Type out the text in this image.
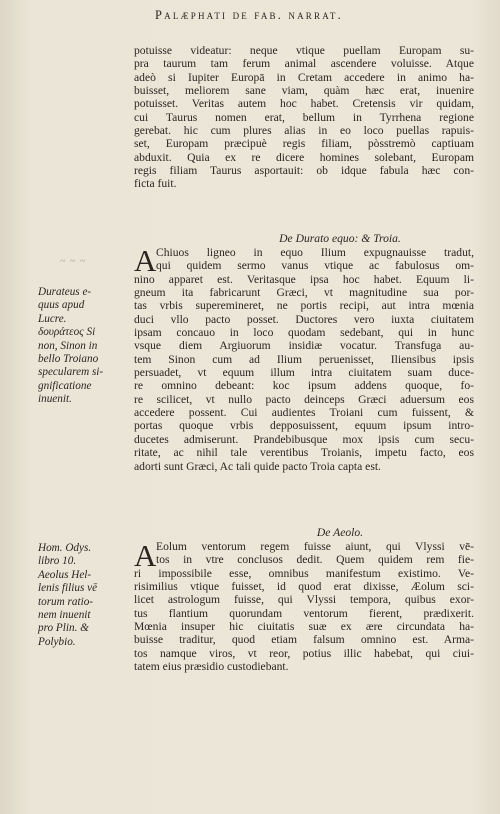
Palæphati de fab. narrat.
potuisse videatur: neque vtique puellam Europam su-
pra taurum tam ferum animal ascendere voluisse. Atque
adeò si Iupiter Europā in Cretam accedere in animo ha-
buisset, meliorem sane viam, quàm hæc erat, inuenire
potuisset. Veritas autem hoc habet. Cretensis vir quidam,
cui Taurus nomen erat, bellum in Tyrrhena regione
gerebat. hic cum plures alias in eo loco puellas rapuis-
set, Europam præcipuè regis filiam, pòsstremò captiuam
abduxit. Quia ex re dicere homines solebant, Europam
regis filiam Taurus asportauit: ob idque fabula hæc con-
ficta fuit.
~ ~ ~
De Durato equo: & Troia.
A Chiuos ligneo in equo Ilium expugnauisse tradut,
qui quidem sermo vanus vtique ac fabulosus om-
nino apparet est. Veritasque ipsa hoc habet. Equum li-
gneum ita fabricarunt Græci, vt magnitudine sua por-
tas vrbis superemineret, ne portis recipi, aut intra mœnia
duci vllo pacto posset. Ductores vero iuxta ciuitatem
ipsam concauo in loco quodam sedebant, qui in hunc
vsque diem Argiuorum insidiæ vocatur. Transfuga au-
tem Sinon cum ad Ilium peruenisset, Iliensibus ipsis
persuadet, vt equum illum intra ciuitatem suam duce-
re omnino debeant: koc ipsum addens quoque, fo-
re scilicet, vt nullo pacto deinceps Græci aduersum eos
accedere possent. Cui audientes Troiani cum fuissent, &
portas quoque vrbis depposuissent, equum ipsum intro-
ducetes admiserunt. Prandebibusque mox ipsis cum secu-
ritate, ac nihil tale verentibus Troianis, impetu facto, eos
adorti sunt Græci, Ac tali quide pacto Troia capta est.
Durateus e-
quus apud
Lucre.
δουράτεος Si
non, Sinon in
bello Troiano
specularem si-
gnificatione
inuenit.
De Aeolo.
A Eolum ventorum regem fuisse aiunt, qui Vlyssi vē-
tos in vtre conclusos dedit. Quem quidem rem fie-
ri impossibile esse, omnibus manifestum existimo. Ve-
risimilius vtique fuisset, id quod erat dixisse, Æolum sci-
licet astrologum fuisse, qui Vlyssi tempora, quibus exor-
tus flantium quorundam ventorum fierent, prædixerit.
Mœnia insuper hic ciuitatis suæ ex ære circundata ha-
buisse traditur, quod etiam falsum omnino est. Arma-
tos namque viros, vt reor, potius illic habebat, qui ciui-
tatem eius præsidio custodiebant.
Hom. Odys.
libro 10.
Aeolus Hel-
lenis filius vē
torum ratio-
nem inuenit
pro Plin. &
Polybio.
